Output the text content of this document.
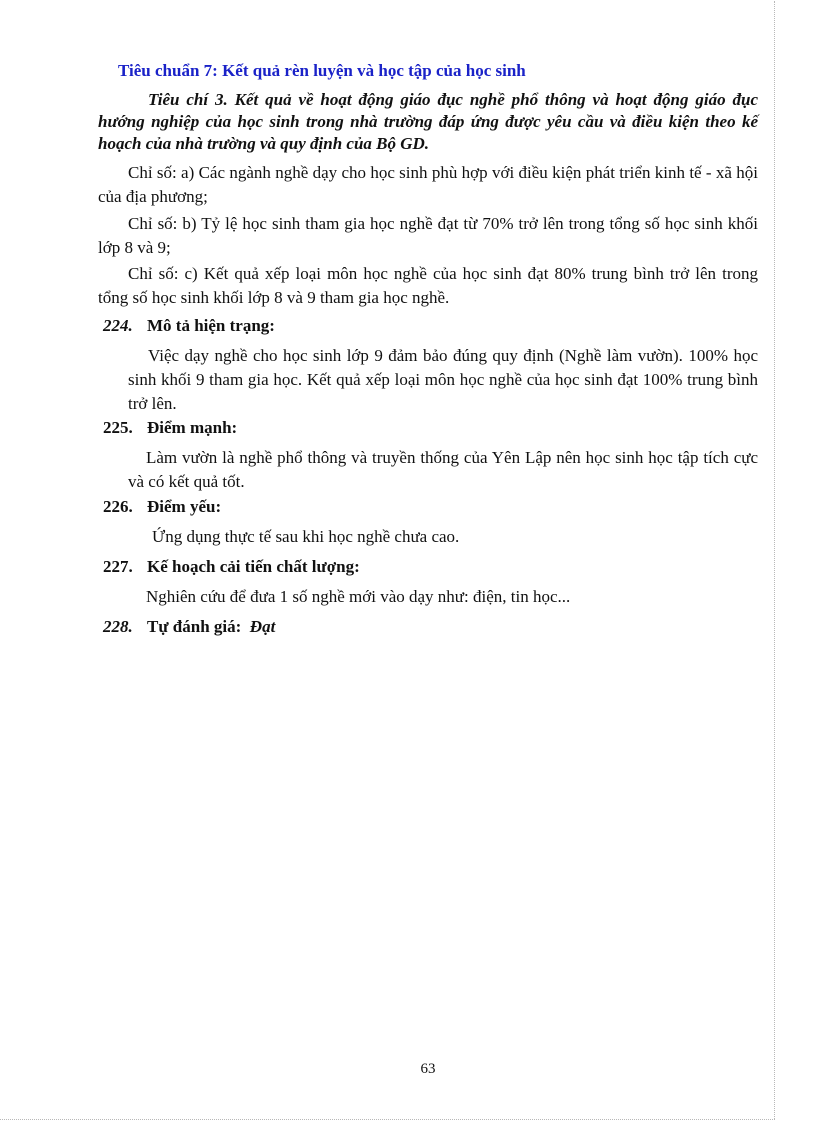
Tiêu chuẩn 7: Kết quả rèn luyện và học tập của học sinh
Tiêu chí 3. Kết quả về hoạt động giáo đục nghề phổ thông và hoạt động giáo đục hướng nghiệp của học sinh trong nhà trường đáp ứng được yêu cầu và điều kiện theo kế hoạch của nhà trường và quy định của Bộ GD.
Chỉ số: a) Các ngành nghề dạy cho học sinh phù hợp với điều kiện phát triển kinh tế - xã hội của địa phương;
Chỉ số: b) Tỷ lệ học sinh tham gia học nghề đạt từ 70% trở lên trong tổng số học sinh khối lớp 8 và 9;
Chỉ số: c) Kết quả xếp loại môn học nghề của học sinh đạt 80% trung bình trở lên trong tổng số học sinh khối lớp 8 và 9 tham gia học nghề.
224. Mô tả hiện trạng:
Việc dạy nghề cho học sinh lớp 9 đảm bảo đúng quy định (Nghề làm vườn). 100% học sinh khối 9 tham gia học. Kết quả xếp loại môn học nghề của học sinh đạt 100% trung bình trở lên.
225. Điểm mạnh:
Làm vườn là nghề phổ thông và truyền thống của Yên Lập nên học sinh học tập tích cực và có kết quả tốt.
226. Điểm yếu:
Ứng dụng thực tế sau khi học nghề chưa cao.
227. Kế hoạch cải tiến chất lượng:
Nghiên cứu để đưa 1 số nghề mới vào dạy như: điện, tin học...
228. Tự đánh giá: Đạt
63
